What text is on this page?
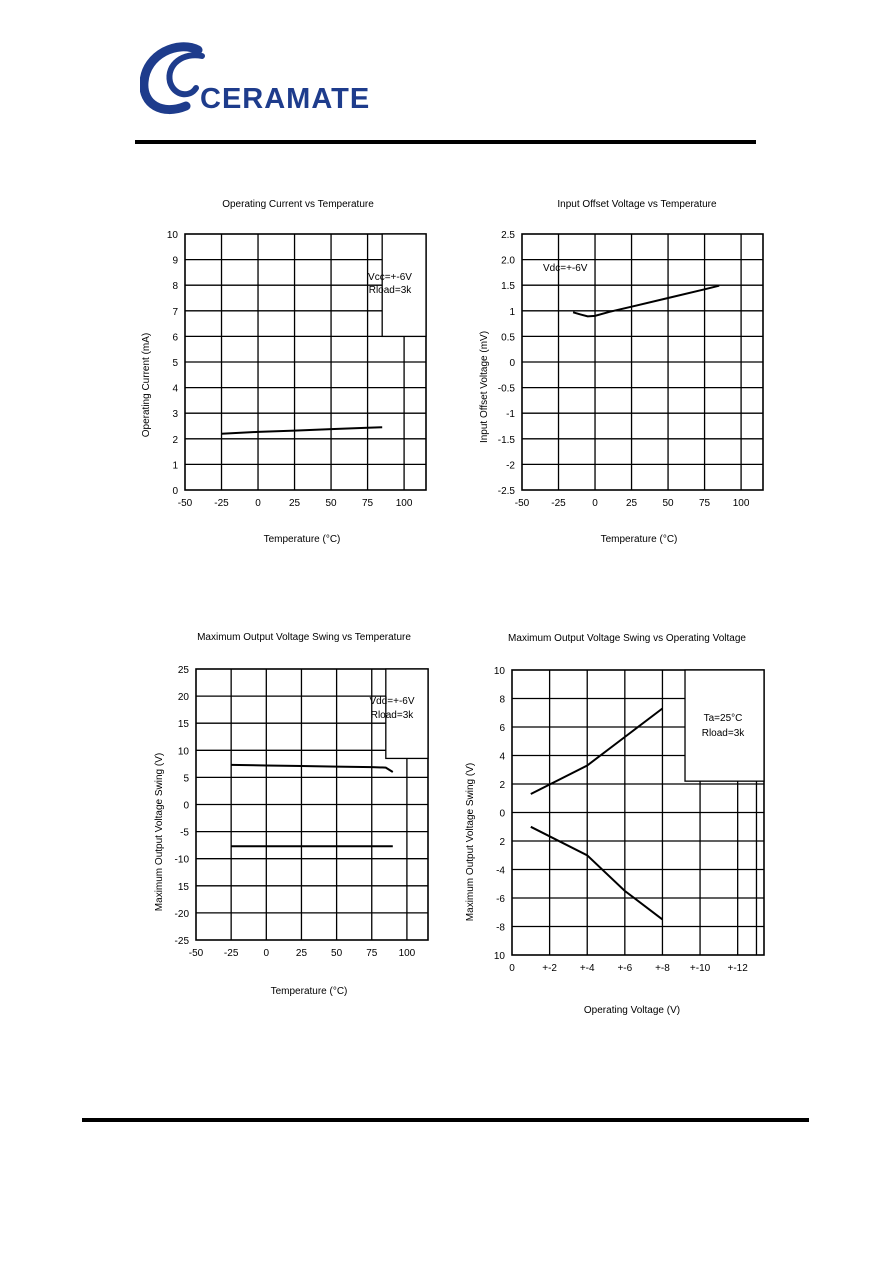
CERAMATE
Operating Current vs Temperature
Vcc=+-6V
Rload=3k
-50 -25	0	25	50	75 100
0
1
2
3
4
5
6
7
8
9
10
Temperature (°C)
Operating Current (mA)
Input Offset Voltage vs Temperature
Vdc=+-6V
-50 -25	0	25	50	75 100
-2.5
-2
-1.5
-1
-0.5
0
0.5
1
1.5
2.0
2.5
Temperature (°C)
Input Offset Voltage (mV)
Maximum Output Voltage Swing vs Temperature
Vdd=+-6V
Rload=3k
-50 -25	0	25 50 75 100
-25
-20
15
-10
-5
0
5
10
15
20
25
Temperature (°C)
Maximum Output Voltage Swing (V)
Maximum Output Voltage Swing vs Operating Voltage
Ta=25°C
Rload=3k
0	+-2 +-4 +-6 +-8 +-10 +-12
10
-8
-6
-4
2
0
2
4
6
8
10
Operating Voltage (V)
Maximum Output Voltage Swing (V)
